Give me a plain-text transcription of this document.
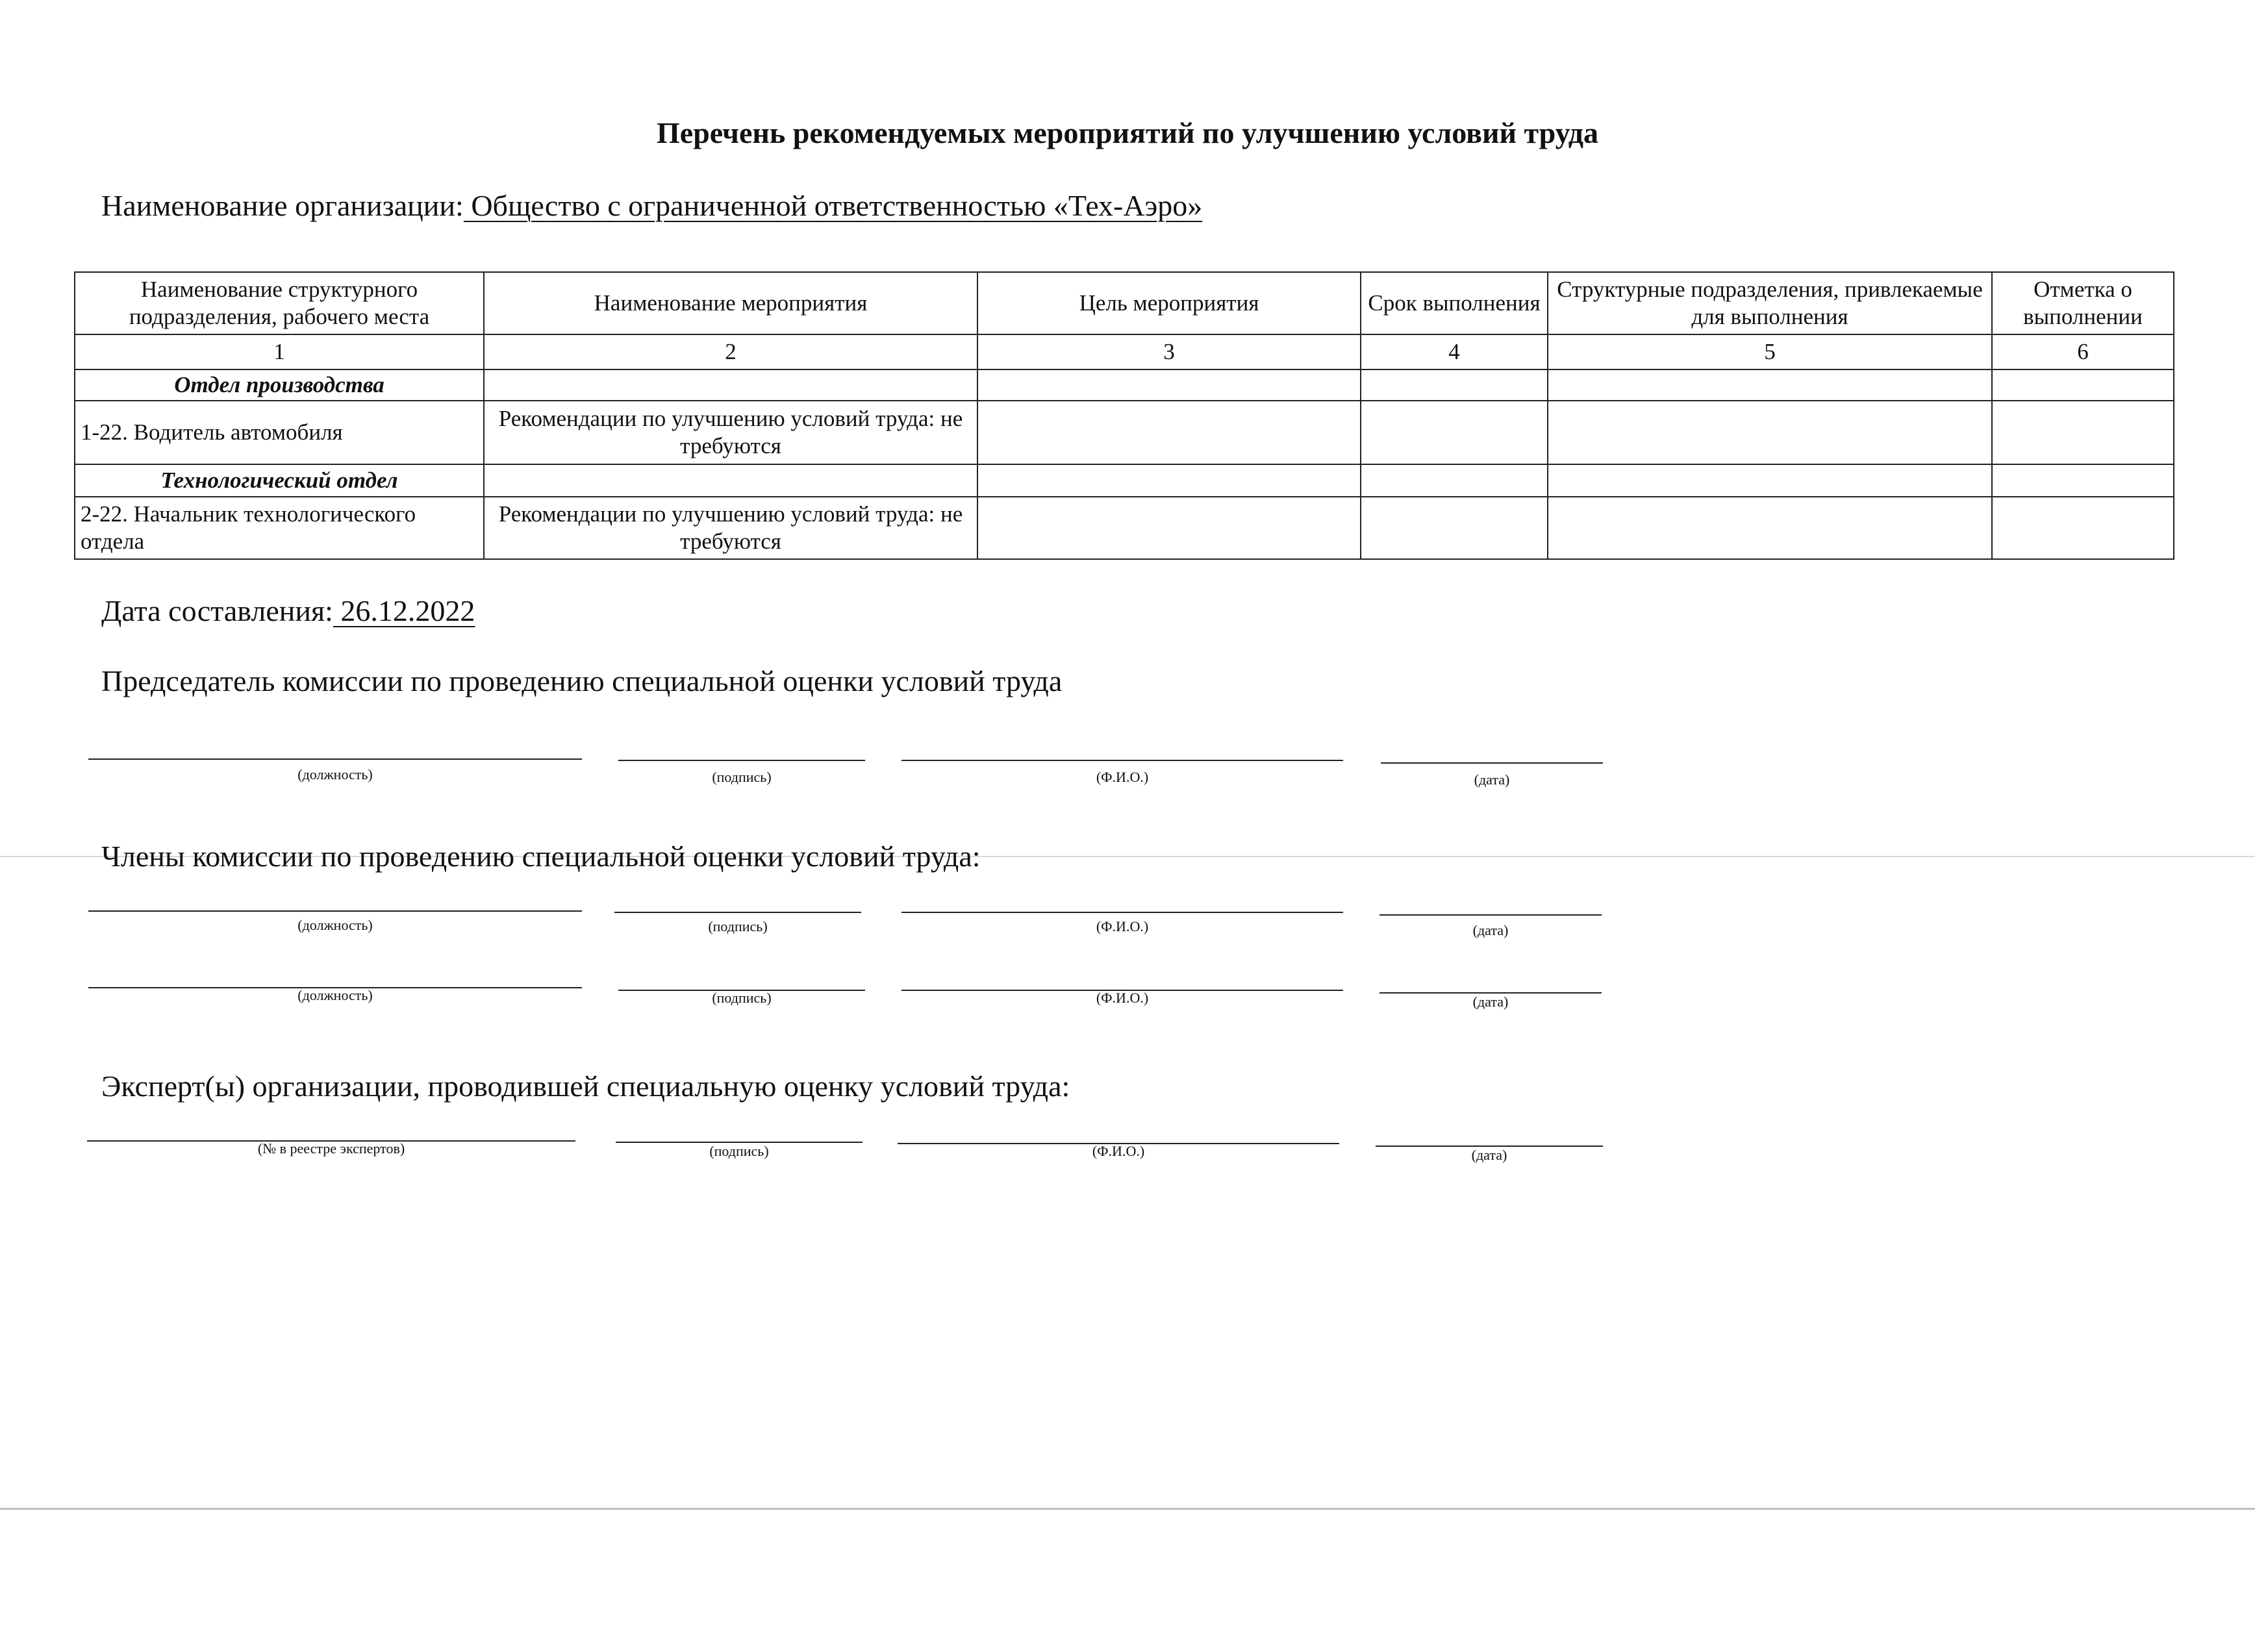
Перечень рекомендуемых мероприятий по улучшению условий труда
Наименование организации: Общество с ограниченной ответственностью «Тех-Аэро»
Наименование структурного подразделения, рабочего места	Наименование мероприятия	Цель мероприятия	Срок выполнения	Структурные подразделения, привлекаемые для выполнения	Отметка о выполнении
1	2	3	4	5	6
Отдел производства					
1-22. Водитель автомобиля	Рекомендации по улучшению условий труда: не требуются				
Технологический отдел					
2-22. Начальник технологического отдела	Рекомендации по улучшению условий труда: не требуются				
Дата составления: 26.12.2022
Председатель комиссии по проведению специальной оценки условий труда
(должность)	(подпись)	(Ф.И.О.)	(дата)
Члены комиссии по проведению специальной оценки условий труда:
(должность)	(подпись)	(Ф.И.О.)	(дата)
(должность)	(подпись)	(Ф.И.О.)	(дата)
Эксперт(ы) организации, проводившей специальную оценку условий труда:
(№ в реестре экспертов)	(подпись)	(Ф.И.О.)	(дата)
